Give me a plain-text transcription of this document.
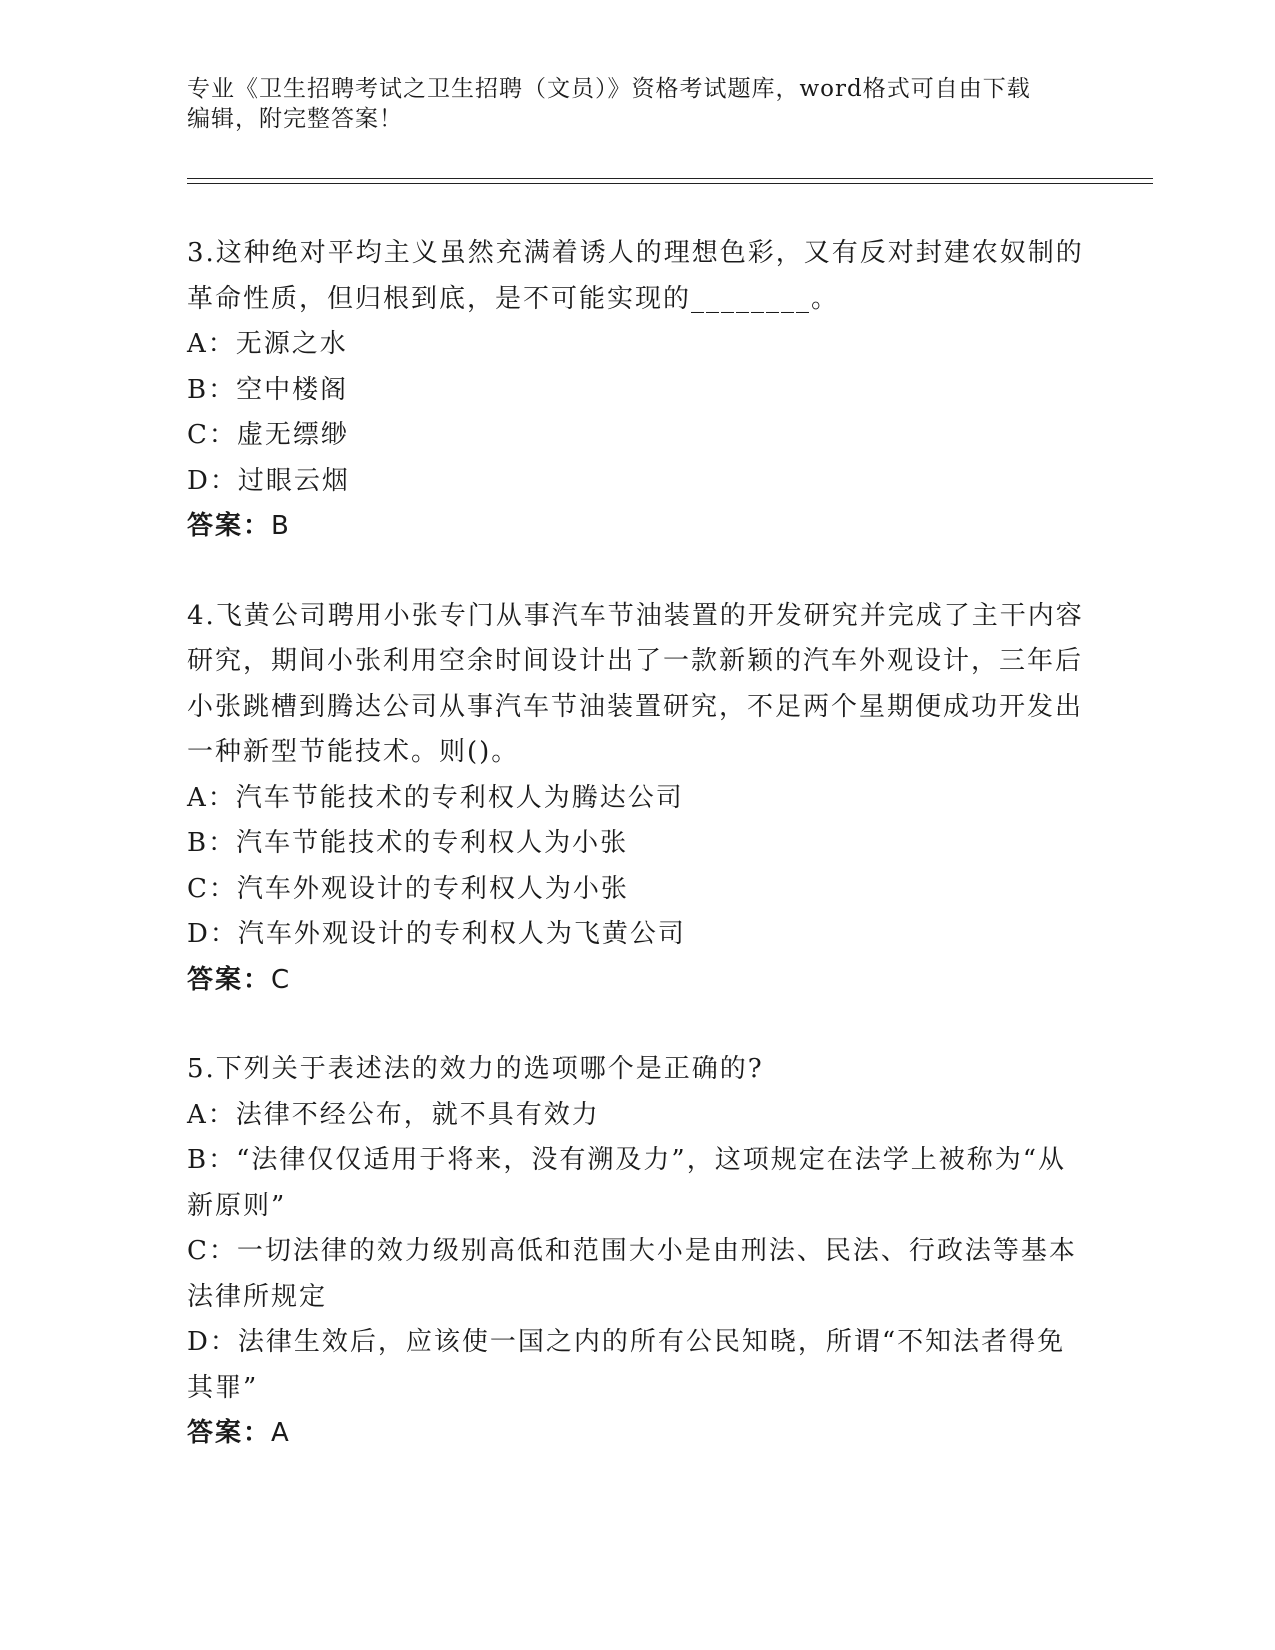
专业《卫生招聘考试之卫生招聘（文员）》资格考试题库，word格式可自由下载
编辑，附完整答案！
3.这种绝对平均主义虽然充满着诱人的理想色彩，又有反对封建农奴制的革命性质，但归根到底，是不可能实现的________。
A：无源之水
B：空中楼阁
C：虚无缥缈
D：过眼云烟
答案：B
4.飞黄公司聘用小张专门从事汽车节油装置的开发研究并完成了主干内容研究，期间小张利用空余时间设计出了一款新颖的汽车外观设计，三年后小张跳槽到腾达公司从事汽车节油装置研究，不足两个星期便成功开发出一种新型节能技术。则()。
A：汽车节能技术的专利权人为腾达公司
B：汽车节能技术的专利权人为小张
C：汽车外观设计的专利权人为小张
D：汽车外观设计的专利权人为飞黄公司
答案：C
5.下列关于表述法的效力的选项哪个是正确的?
A：法律不经公布，就不具有效力
B：“法律仅仅适用于将来，没有溯及力”，这项规定在法学上被称为“从新原则”
C：一切法律的效力级别高低和范围大小是由刑法、民法、行政法等基本法律所规定
D：法律生效后，应该使一国之内的所有公民知晓，所谓“不知法者得免其罪”
答案：A
